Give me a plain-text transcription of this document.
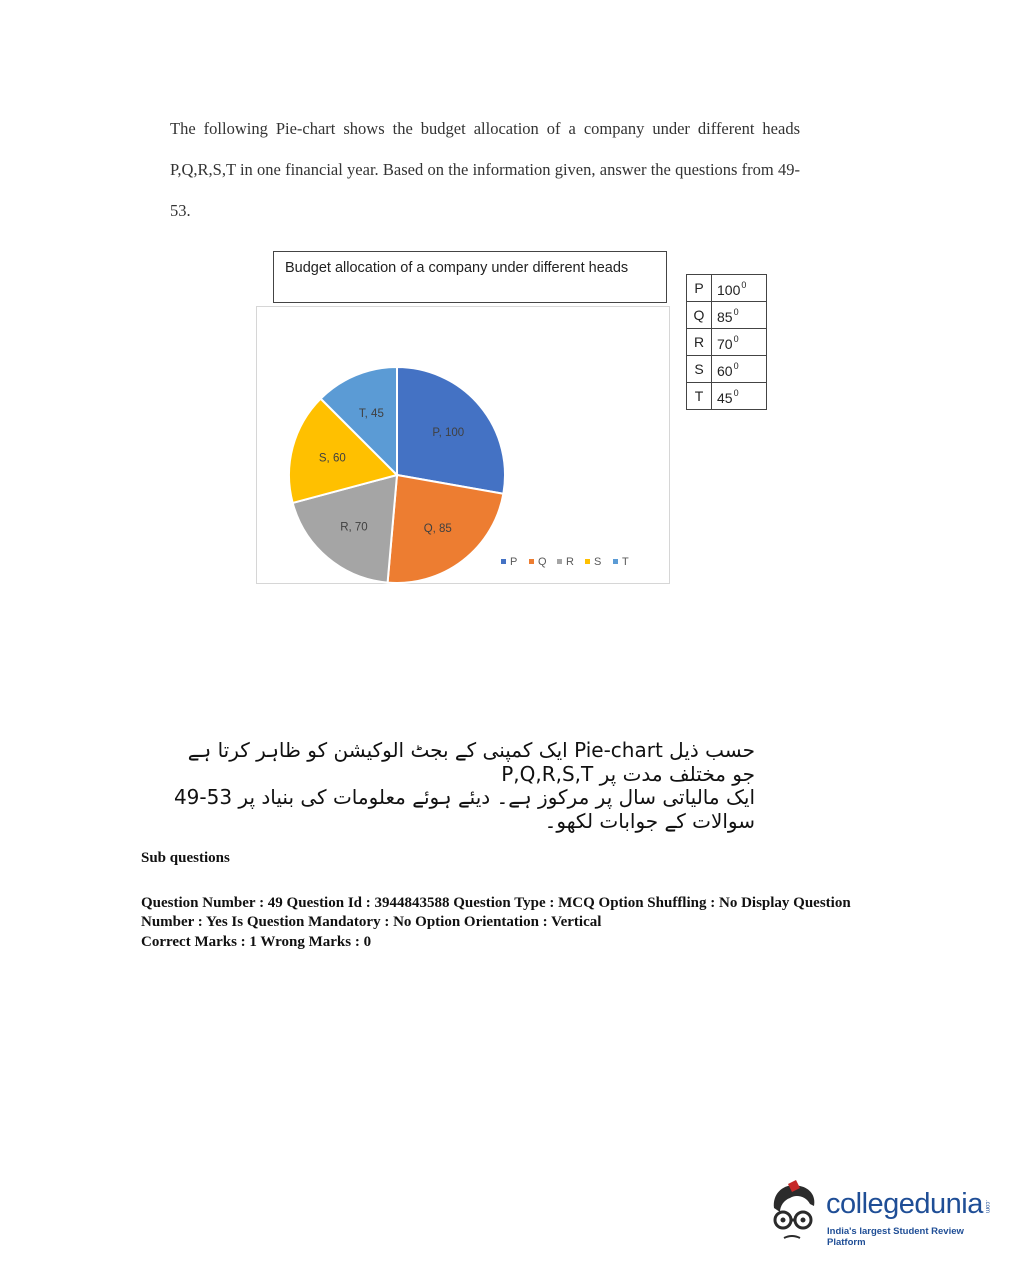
The following Pie-chart shows the budget allocation of a company under different heads P,Q,R,S,T in one financial year. Based on the information given, answer the questions from 49-53.

Budget allocation of a company under different heads
P, 100
Q, 85
R, 70
S, 60
T, 45
P Q R S T
P	$100^0$
Q	$85^0$
R	$70^0$
S	$60^0$
T	$45^0$
حسب ذیل Pie-chart ایک کمپنی کے بجٹ الوکیشن کو ظاہر کرتا ہے جو مختلف مدت پر P,Q,R,S,T
ایک مالیاتی سال پر مرکوز ہے۔ دیئے ہوئے معلومات کی بنیاد پر 53-49 سوالات کے جوابات لکھو۔
Sub questions
Question Number : 49 Question Id : 3944843588 Question Type : MCQ Option Shuffling : No Display Question Number : Yes Is Question Mandatory : No Option Orientation : Vertical
Correct Marks : 1 Wrong Marks : 0
collegedunia .com
India's largest Student Review Platform
